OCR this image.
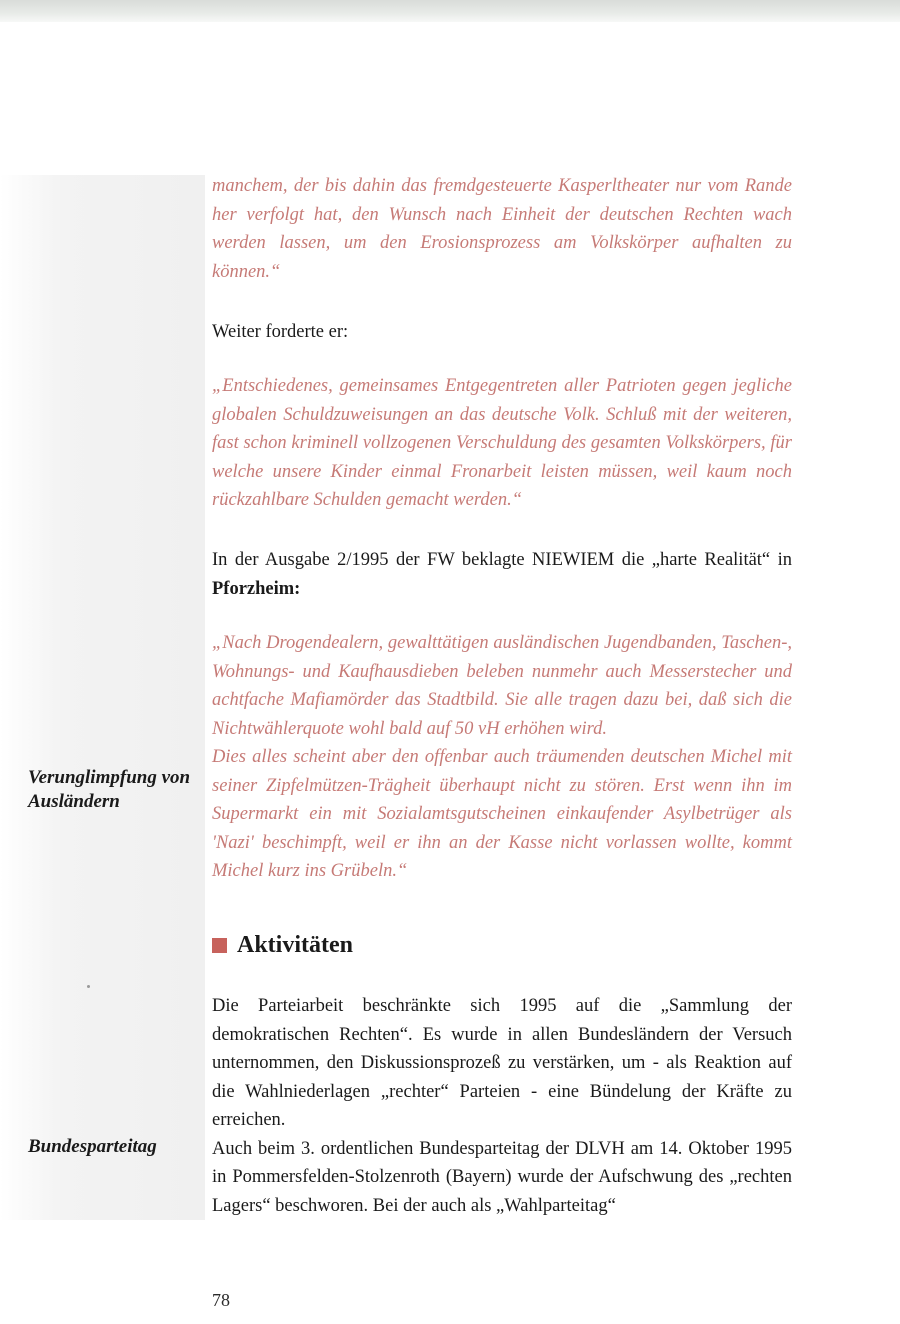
manchem, der bis dahin das fremdgesteuerte Kasperltheater nur vom Rande her verfolgt hat, den Wunsch nach Einheit der deutschen Rechten wach werden lassen, um den Erosionsprozess am Volkskörper aufhalten zu können.“

Weiter forderte er:

„Entschiedenes, gemeinsames Entgegentreten aller Patrioten gegen jegliche globalen Schuldzuweisungen an das deutsche Volk. Schluß mit der weiteren, fast schon kriminell vollzogenen Verschuldung des gesamten Volkskörpers, für welche unsere Kinder einmal Fronarbeit leisten müssen, weil kaum noch rückzahlbare Schulden gemacht werden.“

In der Ausgabe 2/1995 der FW beklagte NIEWIEM die „harte Realität“ in Pforzheim:

„Nach Drogendealern, gewalttätigen ausländischen Jugendbanden, Taschen-, Wohnungs- und Kaufhausdieben beleben nunmehr auch Messerstecher und achtfache Mafiamörder das Stadtbild. Sie alle tragen dazu bei, daß sich die Nichtwählerquote wohl bald auf 50 vH erhöhen wird.

Dies alles scheint aber den offenbar auch träumenden deutschen Michel mit seiner Zipfelmützen-Trägheit überhaupt nicht zu stören. Erst wenn ihn im Supermarkt ein mit Sozialamtsgutscheinen einkaufender Asylbetrüger als 'Nazi' beschimpft, weil er ihn an der Kasse nicht vorlassen wollte, kommt Michel kurz ins Grübeln.“

Verunglimpfung von Ausländern

Aktivitäten

Die Parteiarbeit beschränkte sich 1995 auf die „Sammlung der demokratischen Rechten“. Es wurde in allen Bundesländern der Versuch unternommen, den Diskussionsprozeß zu verstärken, um - als Reaktion auf die Wahlniederlagen „rechter“ Parteien - eine Bündelung der Kräfte zu erreichen.

Auch beim 3. ordentlichen Bundesparteitag der DLVH am 14. Oktober 1995 in Pommersfelden-Stolzenroth (Bayern) wurde der Aufschwung des „rechten Lagers“ beschworen. Bei der auch als „Wahlparteitag“

Bundesparteitag

78
